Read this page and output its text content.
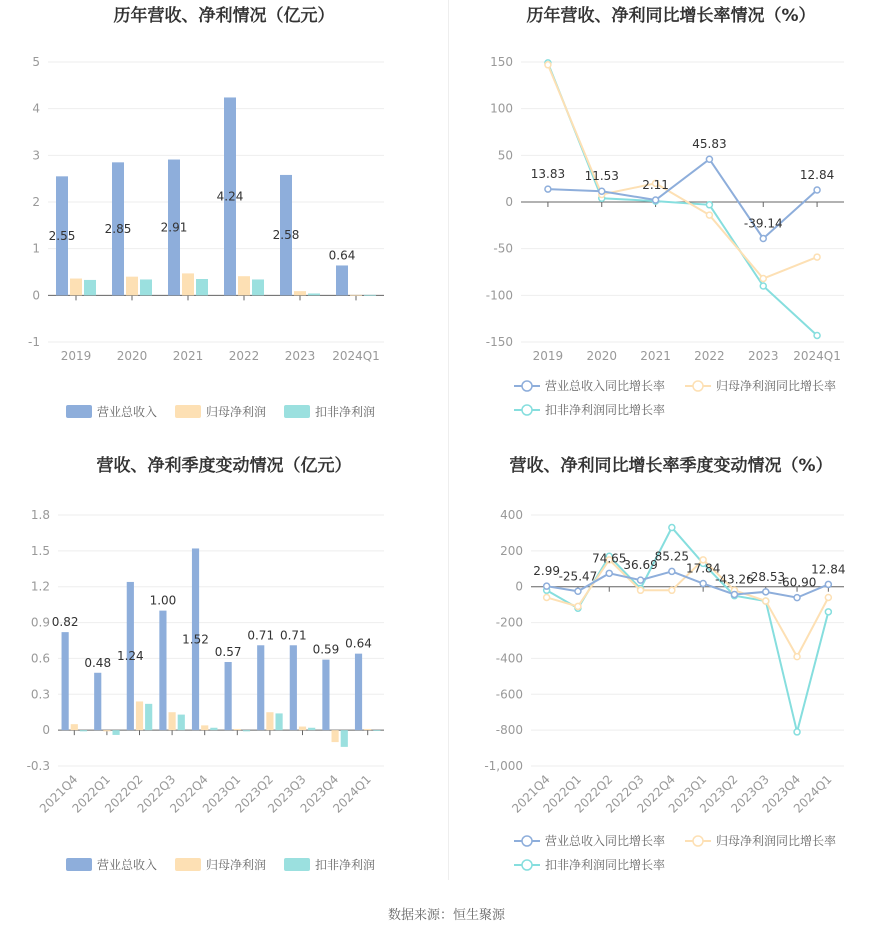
历年营收、净利情况（亿元）
-1
0
1
2
3
4
5
2019 2020 2021 2022 2023 2024Q1
2.55 2.85 2.91
4.24
2.58
0.64
营业总收入	归母净利润	扣非净利润
历年营收、净利同比增长率情况（%）
-150
-100
-50
0
50
100
150
2019 2020 2021 2022 2023 2024Q1
13.83 11.53
2.11
45.83
-39.14
12.84
营业总收入同比增长率	归母净利润同比增长率
扣非净利润同比增长率
营收、净利季度变动情况（亿元）
-0.3
0
0.3
0.6
0.9
1.2
1.5
1.8
2021Q4
2022Q1
2022Q2
2022Q3
2022Q4
2023Q1
2023Q2
2023Q3
2023Q4
2024Q1
0.82
0.48 1.24
1.00
1.52
0.57
0.71 0.71
0.59 0.64
营业总收入	归母净利润	扣非净利润
营收、净利同比增长率季度变动情况（%）
-1,000
-800
-600
-400
-200
0
200
400
2021Q4
2022Q1
2022Q2
2022Q3
2022Q4
2023Q1
2023Q2
2023Q3
2023Q4
2024Q1
2.99
-25.47
74.65
36.69
85.25
17.84
-43.26
-28.53
-60.90
12.84
营业总收入同比增长率	归母净利润同比增长率
扣非净利润同比增长率
数据来源：恒生聚源
